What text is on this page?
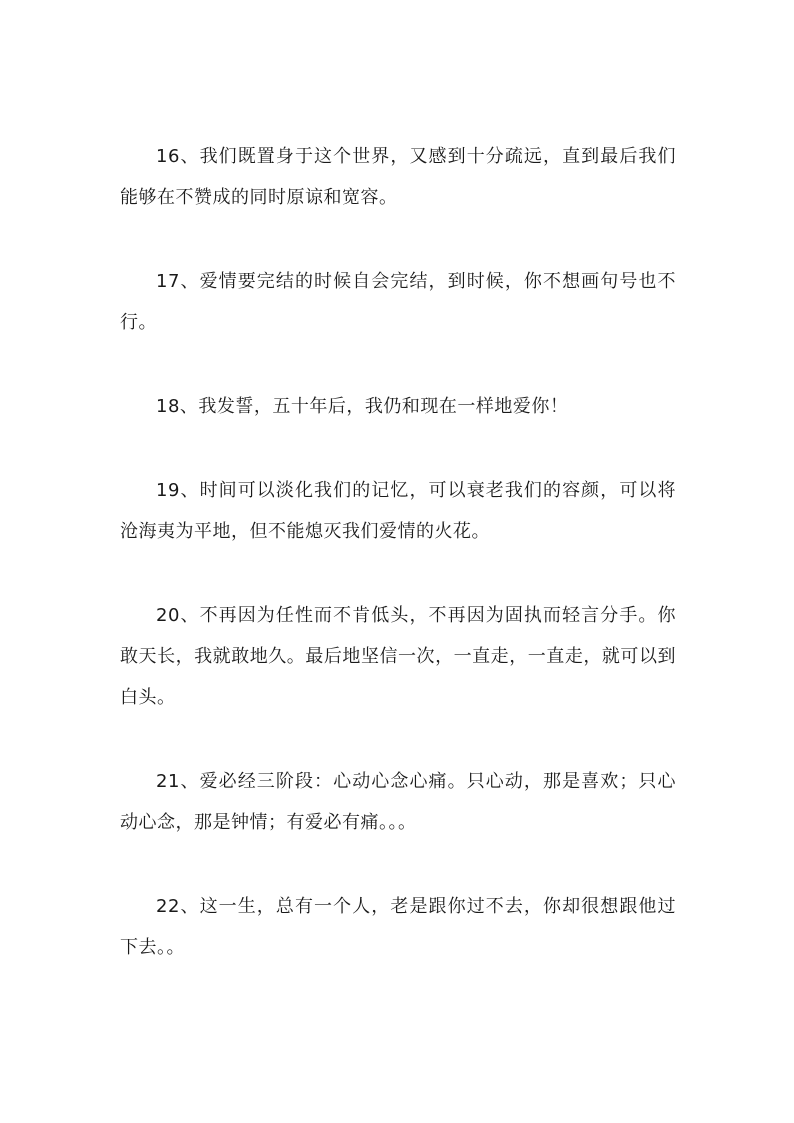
16、我们既置身于这个世界，又感到十分疏远，直到最后我们能够在不赞成的同时原谅和宽容。

17、爱情要完结的时候自会完结，到时候，你不想画句号也不行。

18、我发誓，五十年后，我仍和现在一样地爱你！

19、时间可以淡化我们的记忆，可以衰老我们的容颜，可以将沧海夷为平地，但不能熄灭我们爱情的火花。

20、不再因为任性而不肯低头，不再因为固执而轻言分手。你敢天长，我就敢地久。最后地坚信一次，一直走，一直走，就可以到白头。

21、爱必经三阶段：心动心念心痛。只心动，那是喜欢；只心动心念，那是钟情；有爱必有痛。。。

22、这一生，总有一个人，老是跟你过不去，你却很想跟他过下去。。
